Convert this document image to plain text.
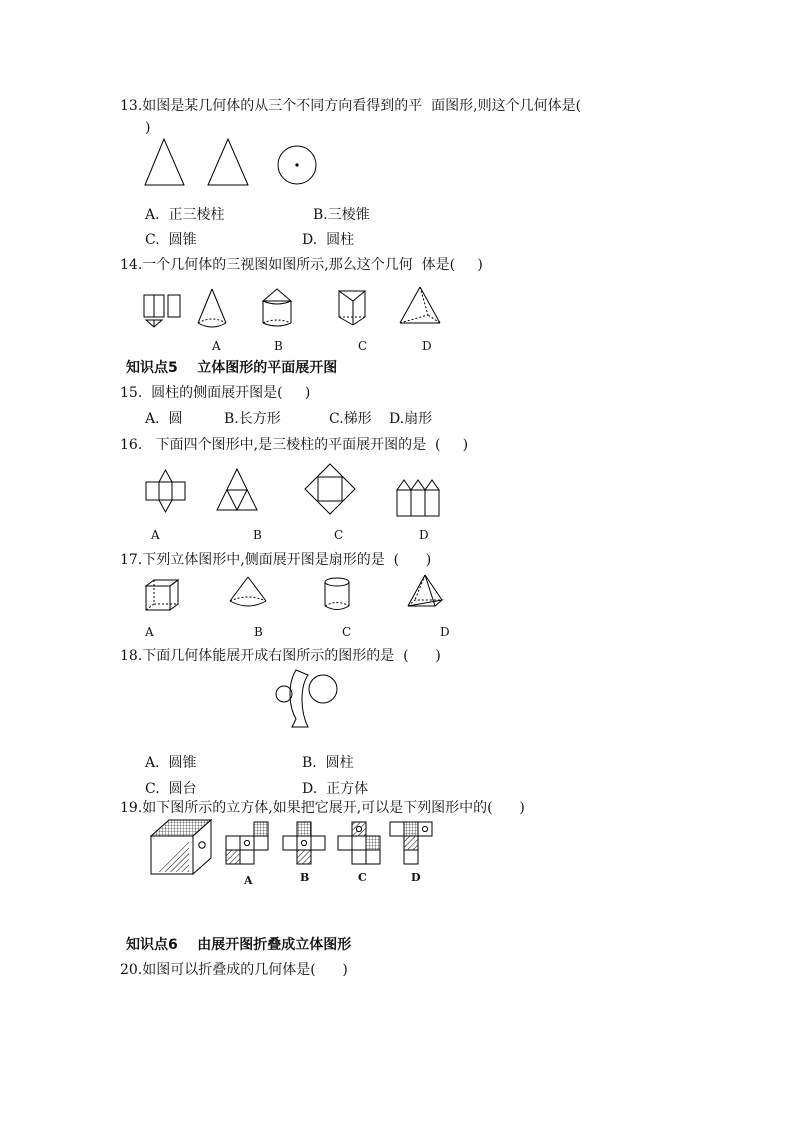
13.如图是某几何体的从三个不同方向看得到的平  面图形,则这个几何体是(
)
A.  正三棱柱	B.三棱锥
C.  圆锥	D.  圆柱
14.一个几何体的三视图如图所示,那么这个几何  体是(     )
A	B	C	D
知识点5    立体图形的平面展开图
15.  圆柱的侧面展开图是(     )
A.  圆	B.长方形	C.梯形 D.扇形
16.   下面四个图形中,是三棱柱的平面展开图的是  (     )
A	B	C	D
17.下列立体图形中,侧面展开图是扇形的是  (      )
A	B	C	D
18.下面几何体能展开成右图所示的图形的是  (      )
A.  圆锥	B.  圆柱
C.  圆台	D.  正方体
19.如下图所示的立方体,如果把它展开,可以是下列图形中的(      )
A	B	C	D
知识点6    由展开图折叠成立体图形
20.如图可以折叠成的几何体是(      )
